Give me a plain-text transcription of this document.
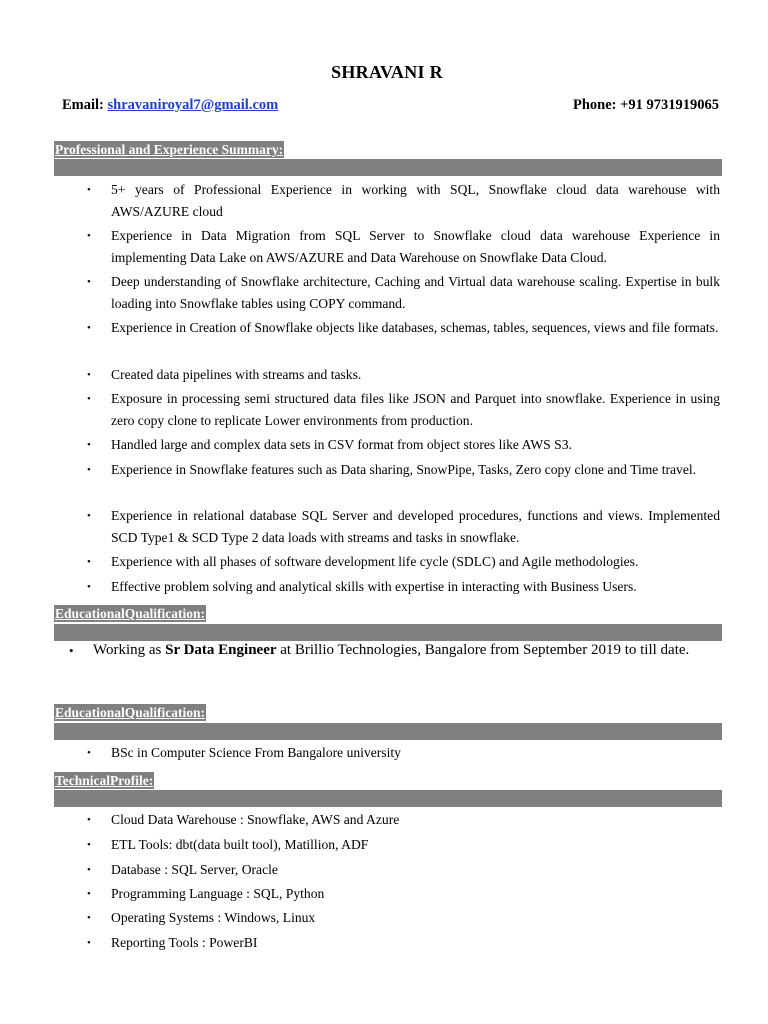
SHRAVANI R
Email: shravaniroyal7@gmail.com	Phone: +91 9731919065
Professional and Experience Summary:
• 5+ years of Professional Experience in working with SQL, Snowflake cloud data warehouse with AWS/AZURE cloud
• Experience in Data Migration from SQL Server to Snowflake cloud data warehouse Experience in implementing Data Lake on AWS/AZURE and Data Warehouse on Snowflake Data Cloud.
• Deep understanding of Snowflake architecture, Caching and Virtual data warehouse scaling. Expertise in bulk loading into Snowflake tables using COPY command.
• Experience in Creation of Snowflake objects like databases, schemas, tables, sequences, views and file formats.
• Created data pipelines with streams and tasks.
• Exposure in processing semi structured data files like JSON and Parquet into snowflake. Experience in using zero copy clone to replicate Lower environments from production.
• Handled large and complex data sets in CSV format from object stores like AWS S3.
• Experience in Snowflake features such as Data sharing, SnowPipe, Tasks, Zero copy clone and Time travel.
• Experience in relational database SQL Server and developed procedures, functions and views. Implemented SCD Type1 & SCD Type 2 data loads with streams and tasks in snowflake.
• Experience with all phases of software development life cycle (SDLC) and Agile methodologies.
• Effective problem solving and analytical skills with expertise in interacting with Business Users.
EducationalQualification:
• Working as Sr Data Engineer at Brillio Technologies, Bangalore from September 2019 to till date.
EducationalQualification:
• BSc in Computer Science From Bangalore university
TechnicalProfile:
• Cloud Data Warehouse : Snowflake, AWS and Azure
• ETL Tools: dbt(data built tool), Matillion, ADF
• Database : SQL Server, Oracle
• Programming Language : SQL, Python
• Operating Systems : Windows, Linux
• Reporting Tools : PowerBI
